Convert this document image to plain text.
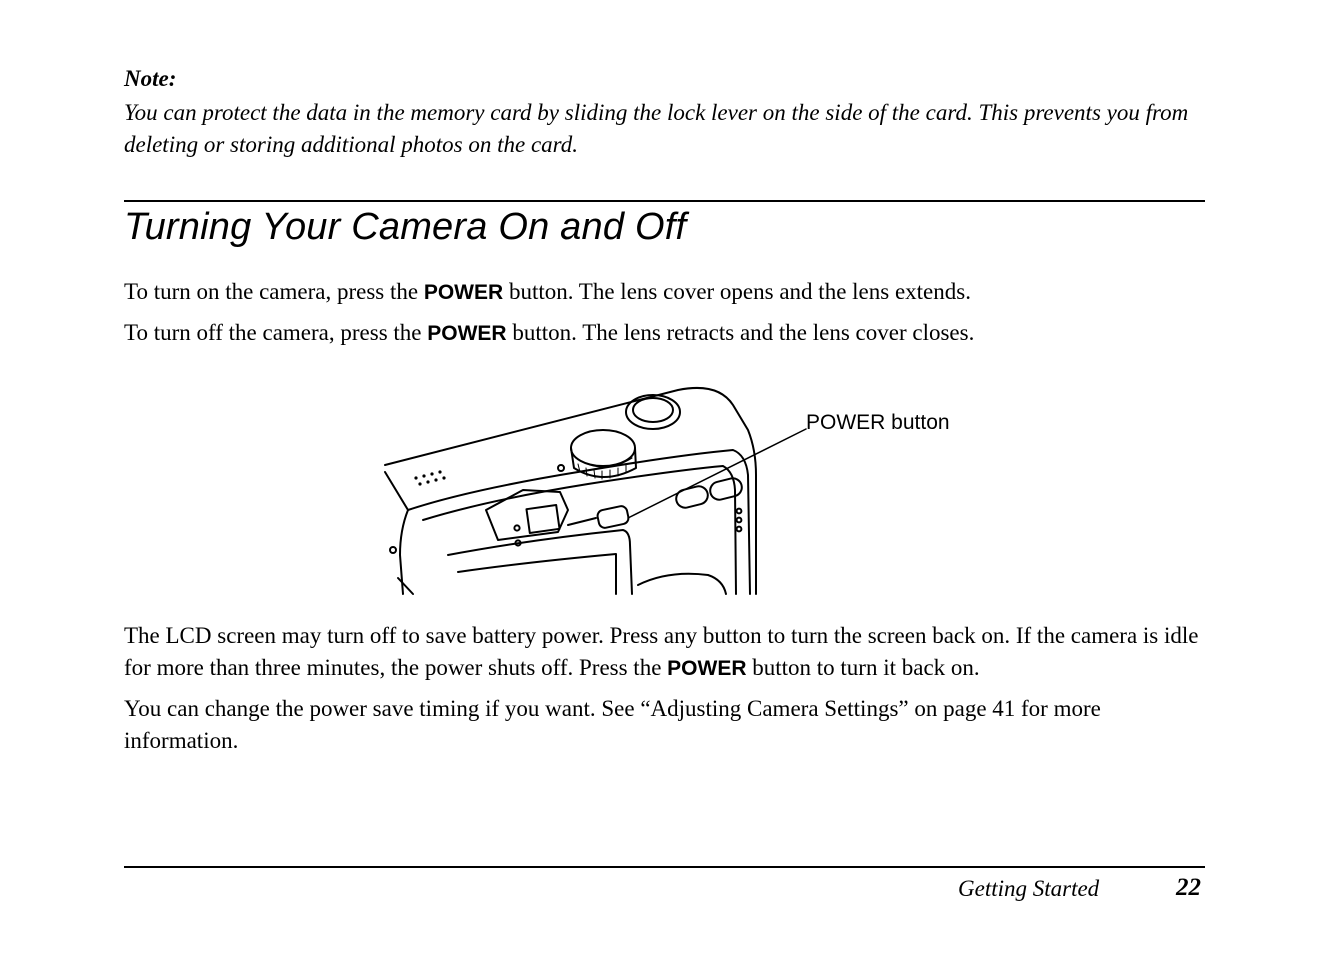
Note:
You can protect the data in the memory card by sliding the lock lever on the side of the card. This prevents you from deleting or storing additional photos on the card.
Turning Your Camera On and Off

To turn on the camera, press the POWER button. The lens cover opens and the lens extends.

To turn off the camera, press the POWER button. The lens retracts and the lens cover closes.

POWER button

The LCD screen may turn off to save battery power. Press any button to turn the screen back on. If the camera is idle for more than three minutes, the power shuts off. Press the POWER button to turn it back on.

You can change the power save timing if you want. See “Adjusting Camera Settings” on page 41 for more information.

Getting Started	22
